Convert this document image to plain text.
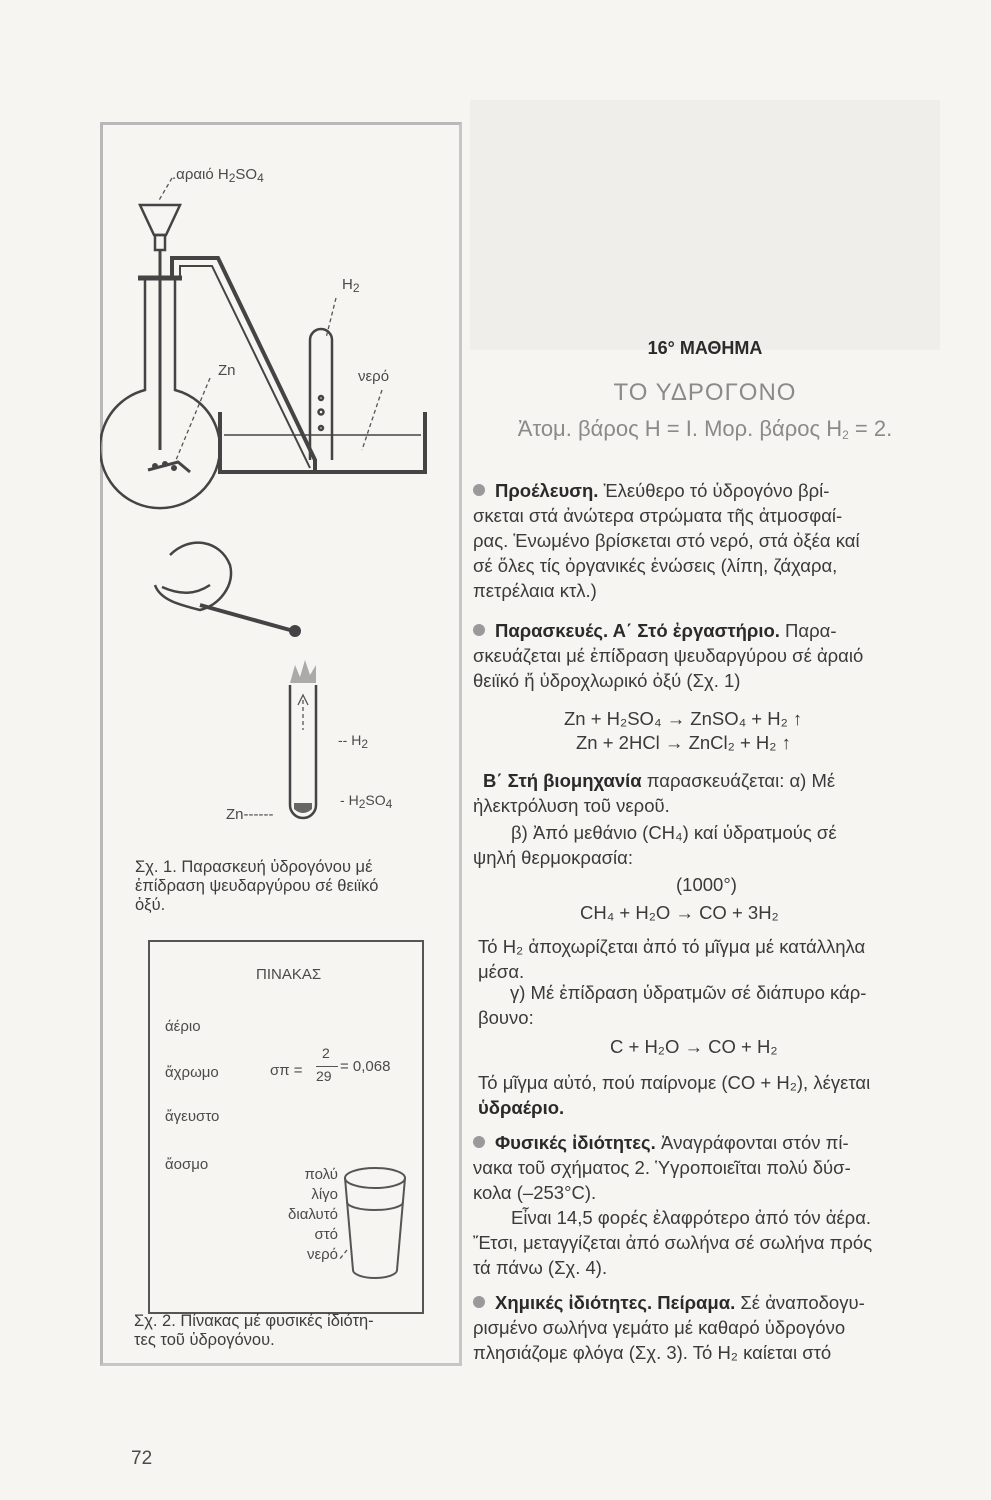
.αραιό $H_2SO_4$
$H_2$
Zn	νερό
-- $H_2$
- $H_2SO_4$
Zn------
Σχ. 1. Παρασκευή ὑδρογόνου μέ
ἐπίδραση ψευδαργύρου σέ θειϊκό
ὀξύ.
ΠΙΝΑΚΑΣ
άέριο
ἄχρωμο
ἄγευστο
ἄοσμο
σπ =
2
29
= 0,068
πολύ
λίγο
διαλυτό
στό
νερό
Σχ. 2. Πίνακας μέ φυσικές ἰδιότη-
τες τοῦ ὑδρογόνου.
72
16° ΜΑΘΗΜΑ
ΤΟ ΥΔΡΟΓΟΝΟ
Ἀτομ. βάρος Η = Ι. Μορ. βάρος $H_2 = 2$.
Προέλευση. Ἐλεύθερο τό ὑδρογόνο βρί-
σκεται στά ἀνώτερα στρώματα τῆς ἀτμοσφαί-
ρας. Ἑνωμένο βρίσκεται στό νερό, στά ὀξέα καί
σέ ὅλες τίς ὀργανικές ἑνώσεις (λίπη, ζάχαρα,
πετρέλαια κτλ.)
Παρασκευές. Α΄ Στό ἐργαστήριο. Παρα-
σκευάζεται μέ ἐπίδραση ψευδαργύρου σέ ἀραιό
θειϊκό ἤ ὑδροχλωρικό ὀξύ (Σχ. 1)
Zn + H₂SO₄ → ZnSO₄ + H₂ ↑
Zn + 2HCl → ZnCl₂ + H₂ ↑
Β΄ Στή βιομηχανία παρασκευάζεται: α) Μέ
ἠλεκτρόλυση τοῦ νεροῦ.
β) Ἀπό μεθάνιο (CH₄) καί ὑδρατμούς σέ
ψηλή θερμοκρασία:
(1000°)
CH₄ + H₂O → CO + 3H₂
Τό H₂ ἀποχωρίζεται ἀπό τό μῖγμα μέ κατάλληλα
μέσα.
γ) Μέ ἐπίδραση ὑδρατμῶν σέ διάπυρο κάρ-
βουνο:
C + H₂O → CO + H₂
Τό μῖγμα αὐτό, πού παίρνομε (CO + H₂), λέγεται
ὑδραέριο.
Φυσικές ἰδιότητες. Ἀναγράφονται στόν πί-
νακα τοῦ σχήματος 2. Ὑγροποιεῖται πολύ δύσ-
κολα (–253°C).
Εἶναι 14,5 φορές ἐλαφρότερο ἀπό τόν ἀέρα.
Ἔτσι, μεταγγίζεται ἀπό σωλήνα σέ σωλήνα πρός
τά πάνω (Σχ. 4).
Χημικές ἰδιότητες. Πείραμα. Σέ ἀναποδογυ-
ρισμένο σωλήνα γεμάτο μέ καθαρό ὑδρογόνο
πλησιάζομε φλόγα (Σχ. 3). Τό H₂ καίεται στό
